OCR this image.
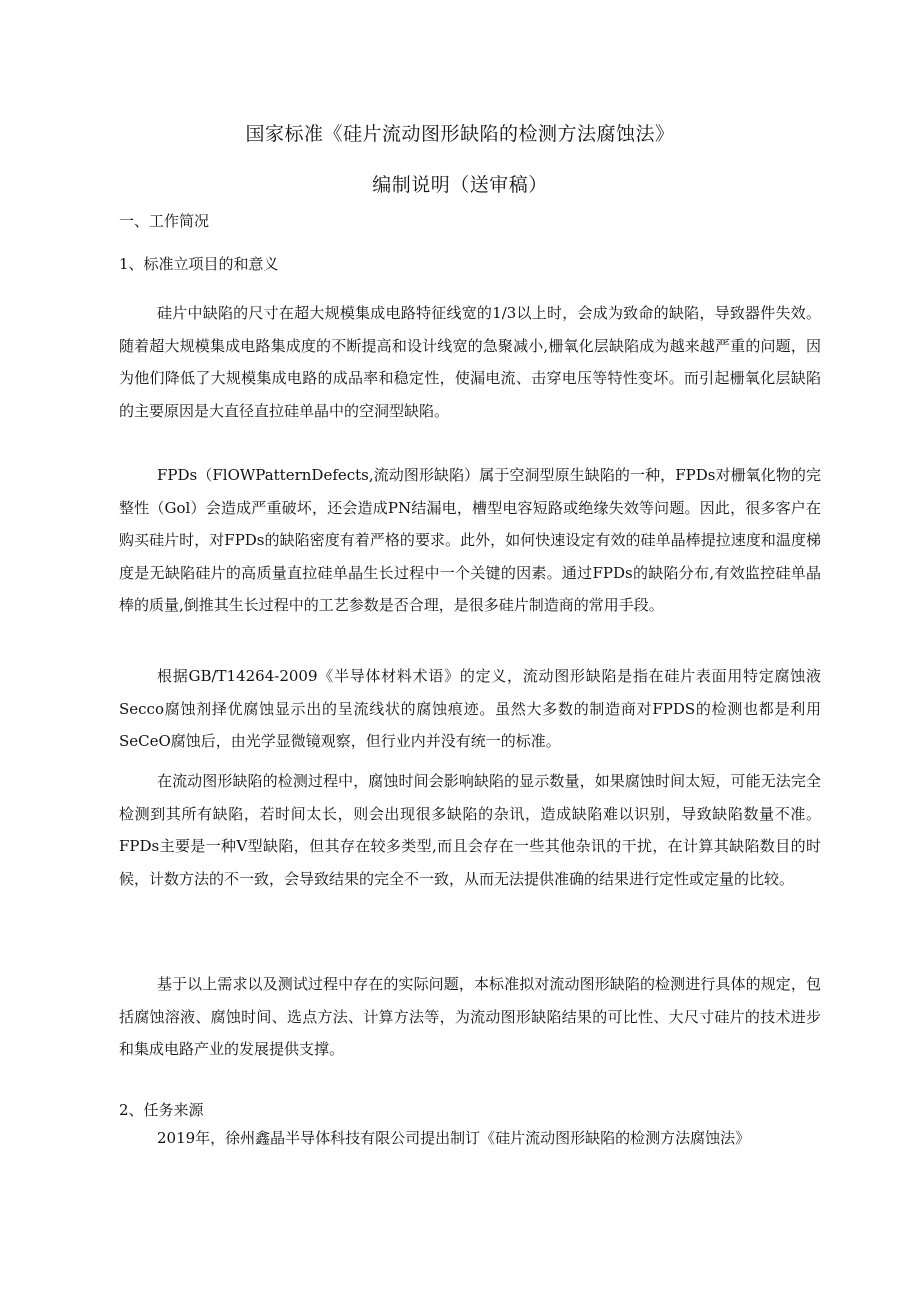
国家标准《硅片流动图形缺陷的检测方法腐蚀法》
编制说明（送审稿）
一、工作简况
1、标准立项目的和意义

硅片中缺陷的尺寸在超大规模集成电路特征线宽的1/3以上时，会成为致命的缺陷，导致器件失效。随着超大规模集成电路集成度的不断提高和设计线宽的急聚减小,栅氧化层缺陷成为越来越严重的问题，因为他们降低了大规模集成电路的成品率和稳定性，使漏电流、击穿电压等特性变坏。而引起栅氧化层缺陷的主要原因是大直径直拉硅单晶中的空洞型缺陷。

FPDs（FlOWPatternDefects,流动图形缺陷）属于空洞型原生缺陷的一种，FPDs对栅氧化物的完整性（Gol）会造成严重破坏，还会造成PN结漏电，槽型电容短路或绝缘失效等问题。因此，很多客户在购买硅片时，对FPDs的缺陷密度有着严格的要求。此外，如何快速设定有效的硅单晶棒提拉速度和温度梯度是无缺陷硅片的高质量直拉硅单晶生长过程中一个关键的因素。通过FPDs的缺陷分布,有效监控硅单晶棒的质量,倒推其生长过程中的工艺参数是否合理，是很多硅片制造商的常用手段。

根据GB/T14264-2009《半导体材料术语》的定义，流动图形缺陷是指在硅片表面用特定腐蚀液Secco腐蚀剂择优腐蚀显示出的呈流线状的腐蚀痕迹。虽然大多数的制造商对FPDS的检测也都是利用SeCeO腐蚀后，由光学显微镜观察，但行业内并没有统一的标准。

在流动图形缺陷的检测过程中，腐蚀时间会影响缺陷的显示数量，如果腐蚀时间太短，可能无法完全检测到其所有缺陷，若时间太长，则会出现很多缺陷的杂讯，造成缺陷难以识别，导致缺陷数量不准。FPDs主要是一种V型缺陷，但其存在较多类型,而且会存在一些其他杂讯的干扰，在计算其缺陷数目的时候，计数方法的不一致，会导致结果的完全不一致，从而无法提供准确的结果进行定性或定量的比较。

基于以上需求以及测试过程中存在的实际问题，本标准拟对流动图形缺陷的检测进行具体的规定，包括腐蚀溶液、腐蚀时间、选点方法、计算方法等，为流动图形缺陷结果的可比性、大尺寸硅片的技术进步和集成电路产业的发展提供支撑。

2、任务来源

2019年，徐州鑫晶半导体科技有限公司提出制订《硅片流动图形缺陷的检测方法腐蚀法》
